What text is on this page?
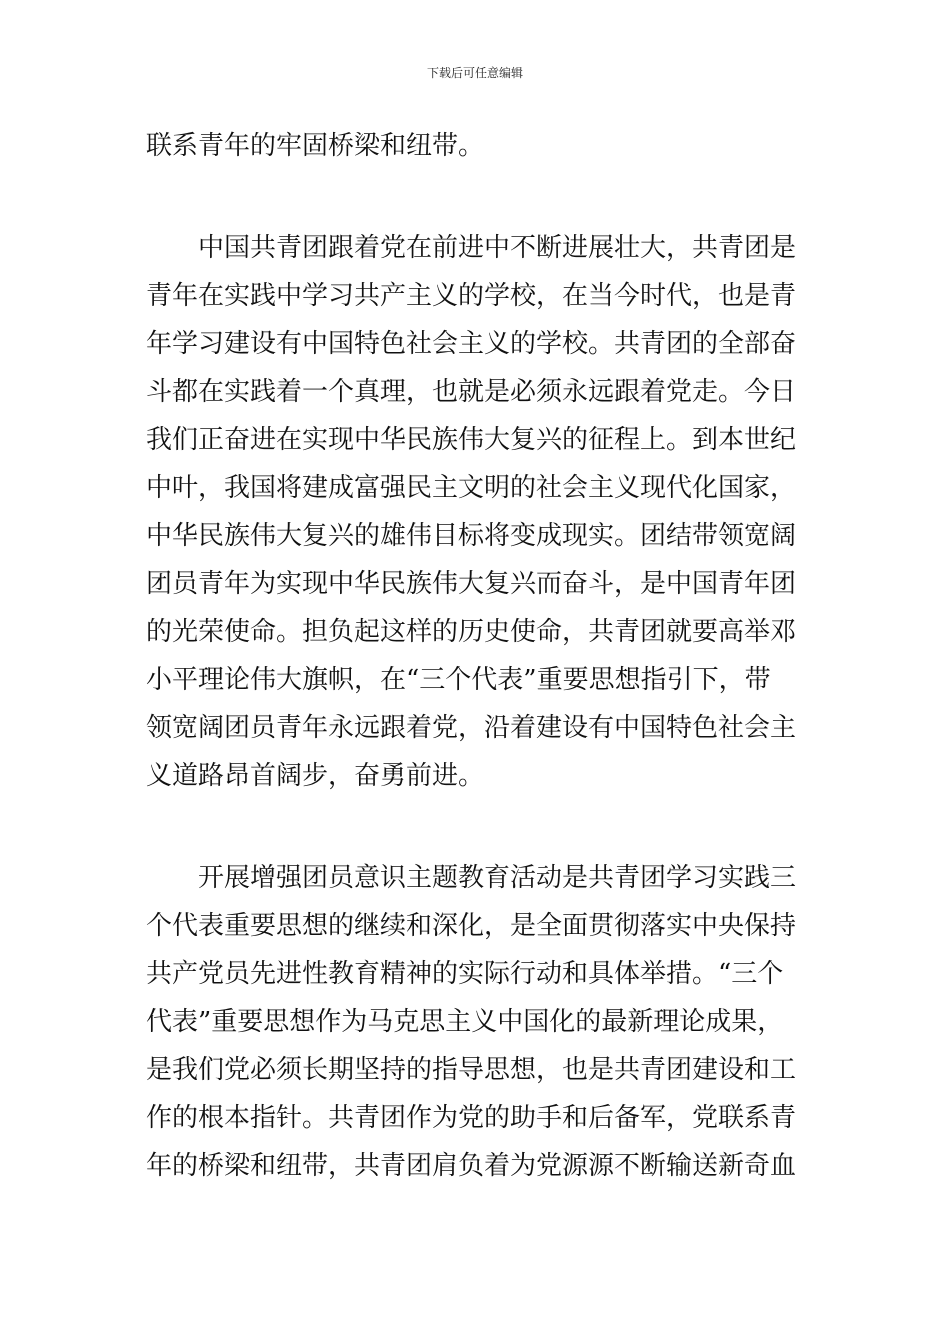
下载后可任意编辑
联系青年的牢固桥梁和纽带。
中国共青团跟着党在前进中不断进展壮大，共青团是
青年在实践中学习共产主义的学校，在当今时代，也是青
年学习建设有中国特色社会主义的学校。共青团的全部奋
斗都在实践着一个真理，也就是必须永远跟着党走。今日
我们正奋进在实现中华民族伟大复兴的征程上。到本世纪
中叶，我国将建成富强民主文明的社会主义现代化国家，
中华民族伟大复兴的雄伟目标将变成现实。团结带领宽阔
团员青年为实现中华民族伟大复兴而奋斗，是中国青年团
的光荣使命。担负起这样的历史使命，共青团就要高举邓
小平理论伟大旗帜，在“三个代表”重要思想指引下，带
领宽阔团员青年永远跟着党，沿着建设有中国特色社会主
义道路昂首阔步，奋勇前进。
开展增强团员意识主题教育活动是共青团学习实践三
个代表重要思想的继续和深化，是全面贯彻落实中央保持
共产党员先进性教育精神的实际行动和具体举措。“三个
代表”重要思想作为马克思主义中国化的最新理论成果，
是我们党必须长期坚持的指导思想，也是共青团建设和工
作的根本指针。共青团作为党的助手和后备军，党联系青
年的桥梁和纽带，共青团肩负着为党源源不断输送新奇血
